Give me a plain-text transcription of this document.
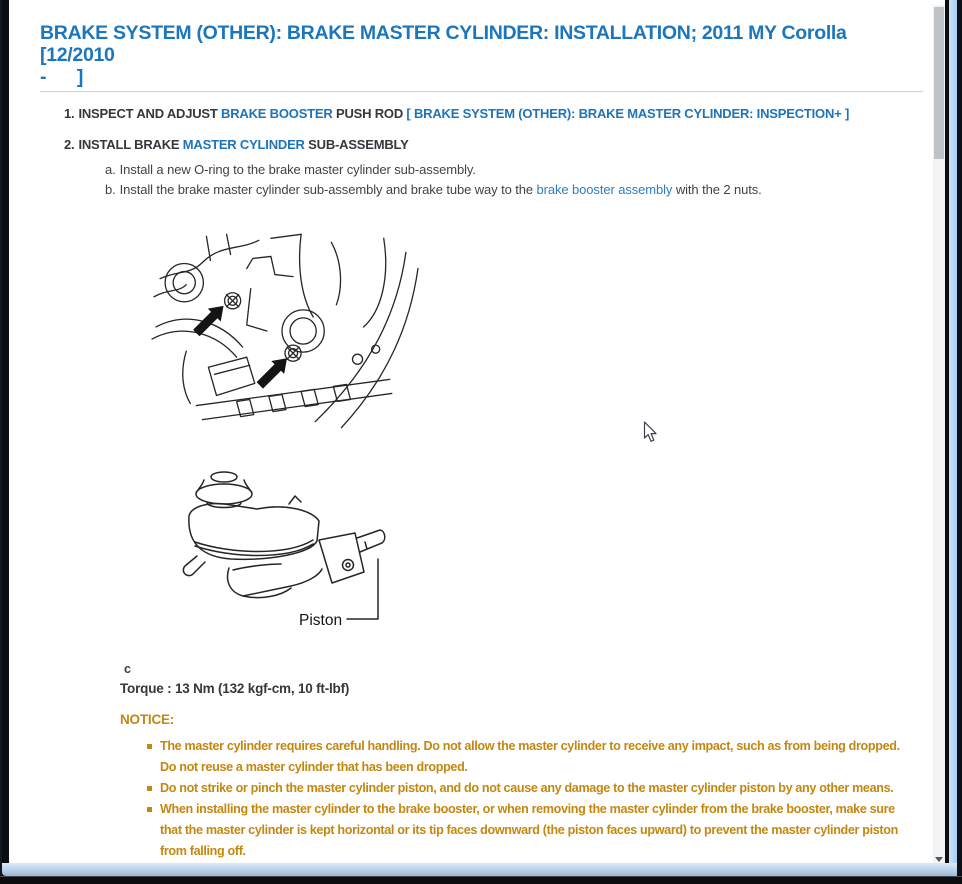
BRAKE SYSTEM (OTHER): BRAKE MASTER CYLINDER: INSTALLATION; 2011 MY Corolla [12/2010
-      ]
1. INSPECT AND ADJUST BRAKE BOOSTER PUSH ROD [ BRAKE SYSTEM (OTHER): BRAKE MASTER CYLINDER: INSPECTION+ ]
2. INSTALL BRAKE MASTER CYLINDER SUB-ASSEMBLY
a. Install a new O-ring to the brake master cylinder sub-assembly.
b. Install the brake master cylinder sub-assembly and brake tube way to the brake booster assembly with the 2 nuts.
Piston
c
Torque : 13 Nm (132 kgf-cm, 10 ft-lbf)
NOTICE:
The master cylinder requires careful handling. Do not allow the master cylinder to receive any impact, such as from being dropped. Do not reuse a master cylinder that has been dropped.
Do not strike or pinch the master cylinder piston, and do not cause any damage to the master cylinder piston by any other means.
When installing the master cylinder to the brake booster, or when removing the master cylinder from the brake booster, make sure that the master cylinder is kept horizontal or its tip faces downward (the piston faces upward) to prevent the master cylinder piston from falling off.
